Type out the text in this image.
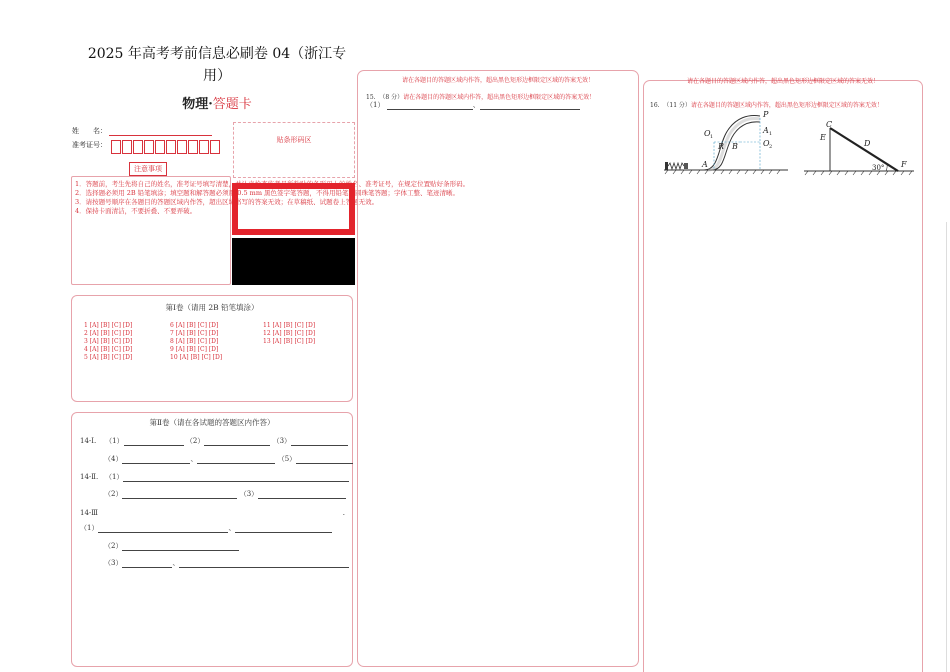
2025 年高考考前信息必刷卷 04（浙江专
用）
物理·答题卡
姓　　名：
准考证号：
注意事项
1．答题前，考生先将自己的姓名，准考证号填写清楚，并认真检查监考员所粘贴的条形码上的姓名、准考证号，在规定位置贴好条形码。
2．选择题必须用 2B 铅笔填涂；填空题和解答题必须用 0.5 mm 黑色签字笔答题，不得用铅笔或圆珠笔答题；字体工整、笔迹清晰。
3．请按题号顺序在各题目的答题区域内作答，超出区域书写的答案无效；在草稿纸、试题卷上答题无效。
4．保持卡面清洁，不要折叠、不要弄破。
贴条形码区
第Ⅰ卷（请用 2B 铅笔填涂）
1 [A] [B] [C] [D]
2 [A] [B] [C] [D]
3 [A] [B] [C] [D]
4 [A] [B] [C] [D]
5 [A] [B] [C] [D]
6 [A] [B] [C] [D]
7 [A] [B] [C] [D]
8 [A] [B] [C] [D]
9 [A] [B] [C] [D]
10 [A] [B] [C] [D]
11 [A] [B] [C] [D]
12 [A] [B] [C] [D]
13 [A] [B] [C] [D]
第Ⅱ卷（请在各试题的答题区内作答）
14-Ⅰ. （1）	（2）	（3）
（4）	、	（5）
14-Ⅱ. （1）
（2）	（3）
14-Ⅲ	.
（1）	、
（2）
（3）	、
请在各题目的答题区域内作答，超出黑色矩形边框限定区域的答案无效！
15. （8 分）请在各题目的答题区域内作答，超出黑色矩形边框限定区域的答案无效！
（1）	、
请在各题目的答题区域内作答，超出黑色矩形边框限定区域的答案无效！
16. （11 分）请在各题目的答题区域内作答，超出黑色矩形边框限定区域的答案无效！
P
A 1
O 2
O 1
R B
A
C
E
D
F
30°
